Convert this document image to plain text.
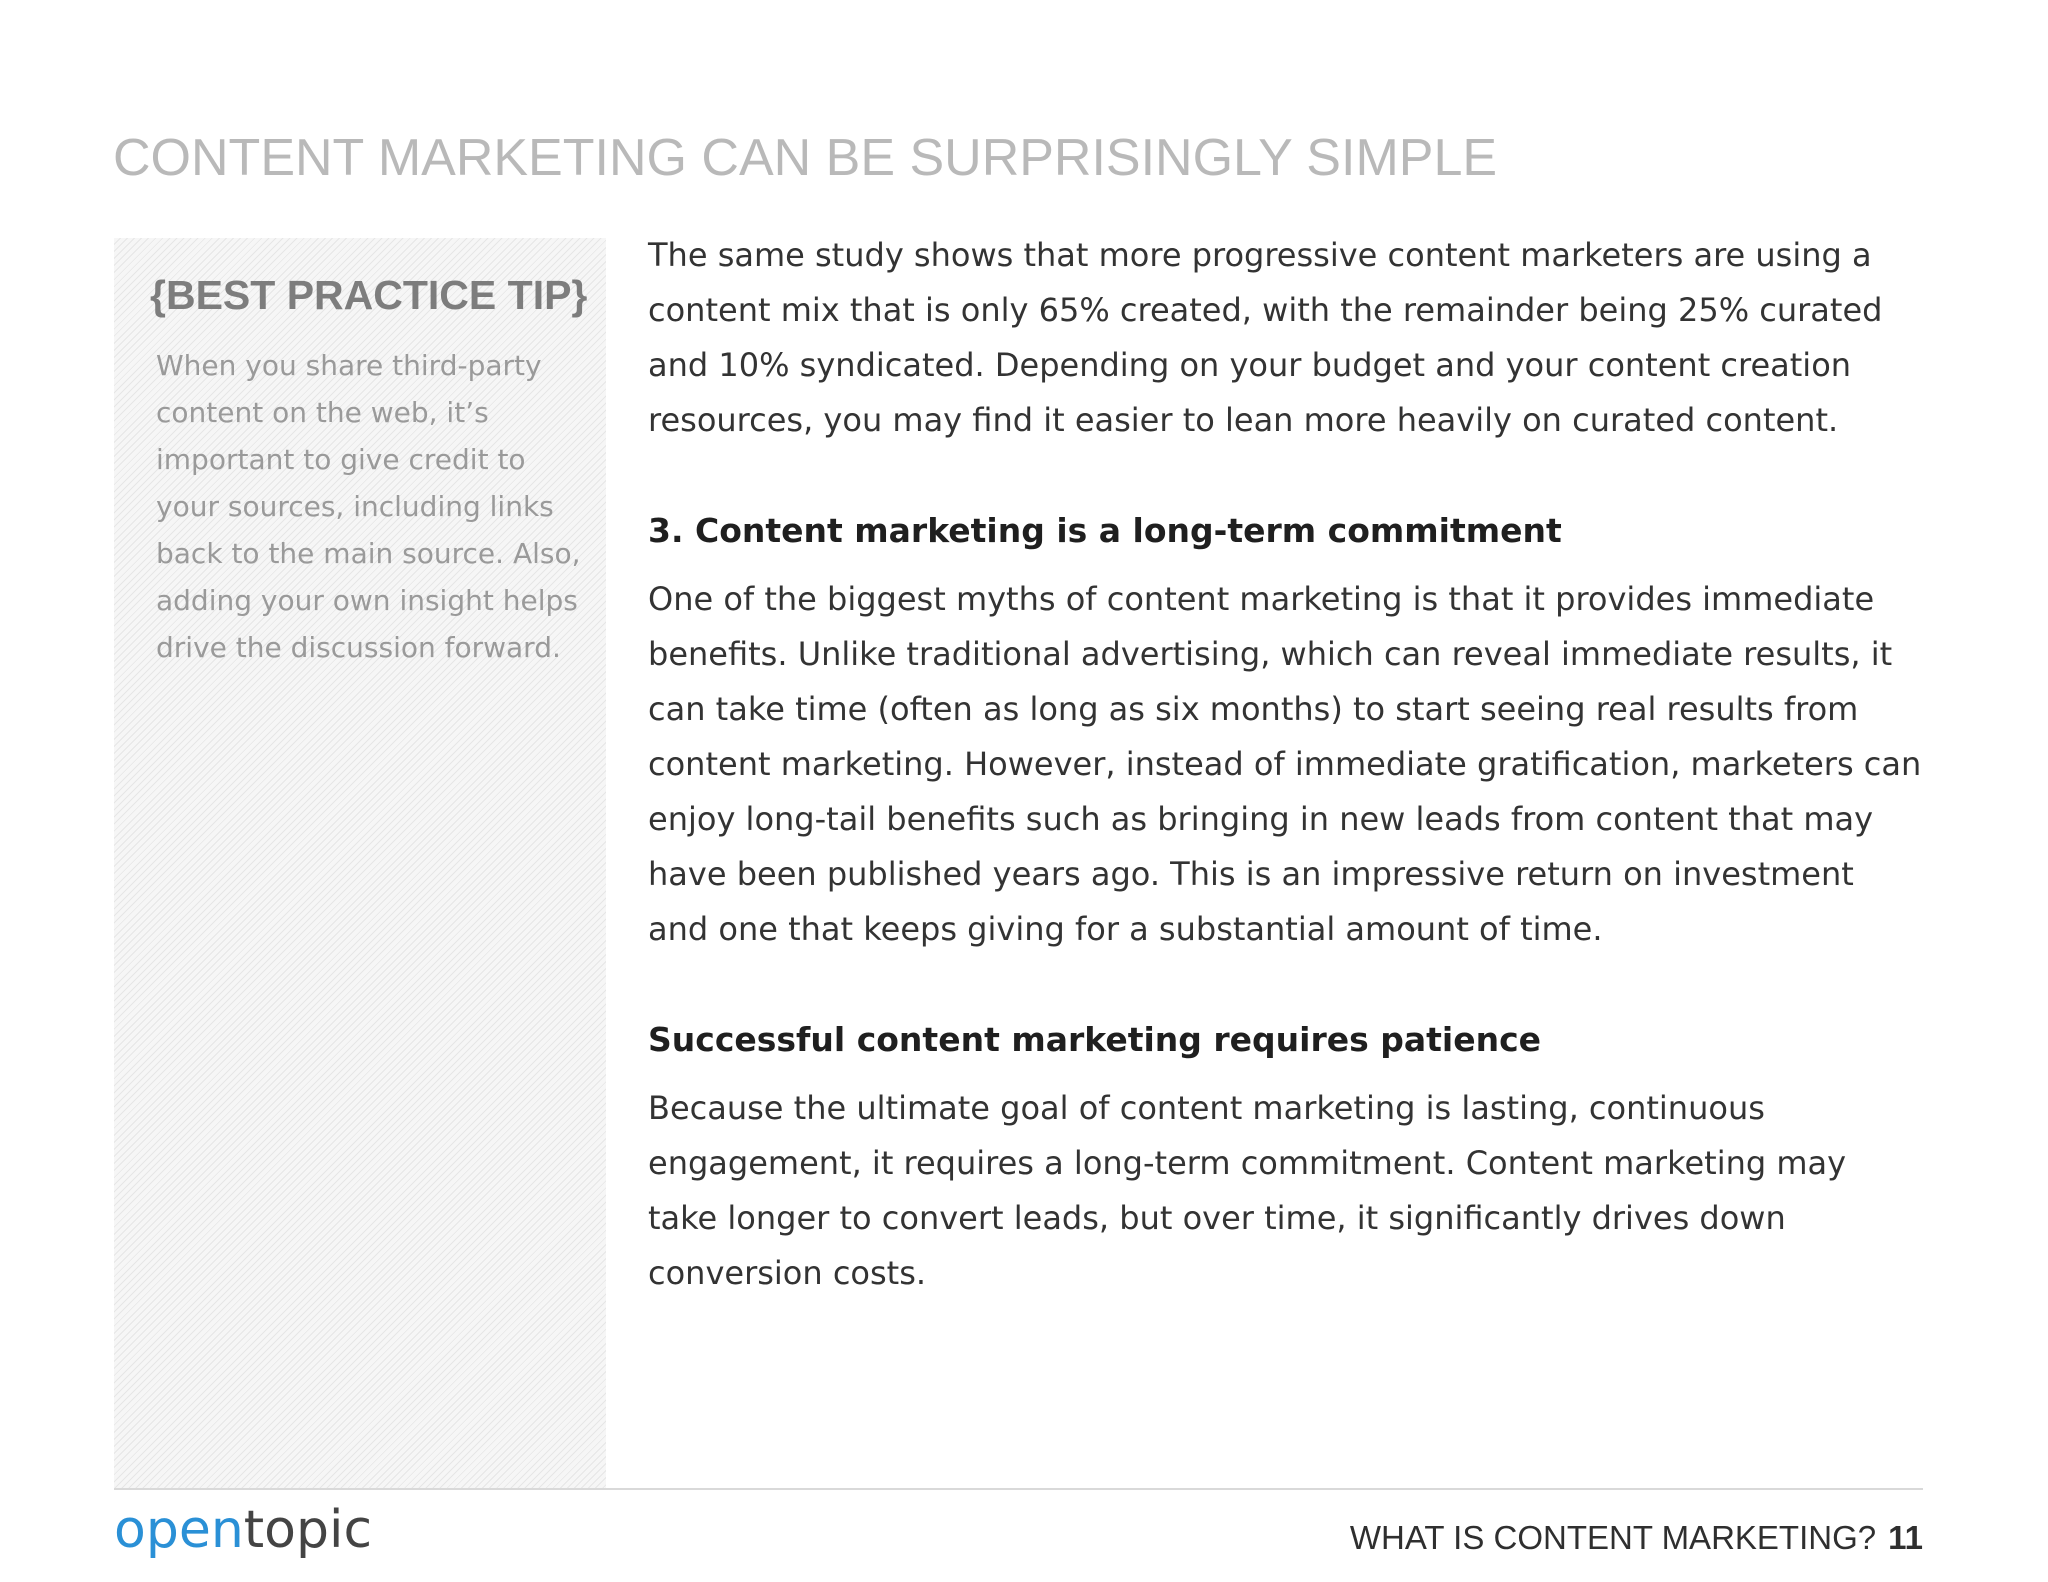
CONTENT MARKETING CAN BE SURPRISINGLY SIMPLE
{BEST PRACTICE TIP}

When you share third-party content on the web, it’s important to give credit to your sources, including links back to the main source. Also, adding your own insight helps drive the discussion forward.

The same study shows that more progressive content marketers are using a content mix that is only 65% created, with the remainder being 25% curated and 10% syndicated. Depending on your budget and your content creation resources, you may find it easier to lean more heavily on curated content.

3. Content marketing is a long-term commitment

One of the biggest myths of content marketing is that it provides immediate benefits. Unlike traditional advertising, which can reveal immediate results, it can take time (often as long as six months) to start seeing real results from content marketing. However, instead of immediate gratification, marketers can enjoy long-tail benefits such as bringing in new leads from content that may have been published years ago. This is an impressive return on investment and one that keeps giving for a substantial amount of time.

Successful content marketing requires patience

Because the ultimate goal of content marketing is lasting, continuous engagement, it requires a long-term commitment. Content marketing may take longer to convert leads, but over time, it significantly drives down conversion costs.

opentopic	WHAT IS CONTENT MARKETING? 11
